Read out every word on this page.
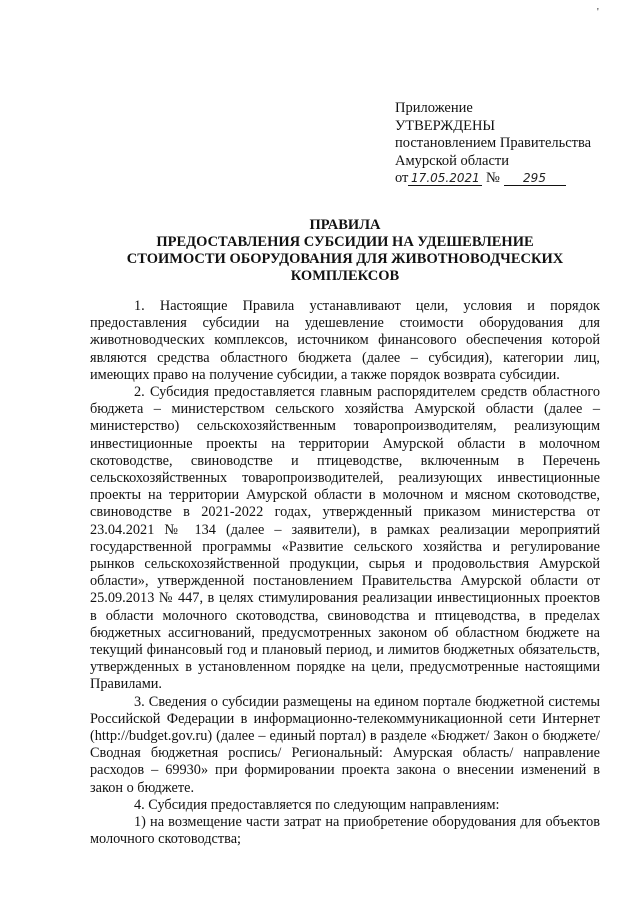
'
Приложение
УТВЕРЖДЕНЫ
постановлением Правительства
Амурской области
от 17.05.2021 № 295
ПРАВИЛА
ПРЕДОСТАВЛЕНИЯ СУБСИДИИ НА УДЕШЕВЛЕНИЕ
СТОИМОСТИ ОБОРУДОВАНИЯ ДЛЯ ЖИВОТНОВОДЧЕСКИХ
КОМПЛЕКСОВ

1. Настоящие Правила устанавливают цели, условия и порядок предоставления субсидии на удешевление стоимости оборудования для животноводческих комплексов, источником финансового обеспечения которой являются средства областного бюджета (далее – субсидия), категории лиц, имеющих право на получение субсидии, а также порядок возврата субсидии.

2. Субсидия предоставляется главным распорядителем средств областного бюджета – министерством сельского хозяйства Амурской области (далее – министерство) сельскохозяйственным товаропроизводителям, реализующим инвестиционные проекты на территории Амурской области в молочном скотоводстве, свиноводстве и птицеводстве, включенным в Перечень сельскохозяйственных товаропроизводителей, реализующих инвестиционные проекты на территории Амурской области в молочном и мясном скотоводстве, свиноводстве в 2021-2022 годах, утвержденный приказом министерства от 23.04.2021 № 134 (далее – заявители), в рамках реализации мероприятий государственной программы «Развитие сельского хозяйства и регулирование рынков сельскохозяйственной продукции, сырья и продовольствия Амурской области», утвержденной постановлением Правительства Амурской области от 25.09.2013 № 447, в целях стимулирования реализации инвестиционных проектов в области молочного скотоводства, свиноводства и птицеводства, в пределах бюджетных ассигнований, предусмотренных законом об областном бюджете на текущий финансовый год и плановый период, и лимитов бюджетных обязательств, утвержденных в установленном порядке на цели, предусмотренные настоящими Правилами.

3. Сведения о субсидии размещены на едином портале бюджетной системы Российской Федерации в информационно-телекоммуникационной сети Интернет (http://budget.gov.ru) (далее – единый портал) в разделе «Бюджет/ Закон о бюджете/ Сводная бюджетная роспись/ Региональный: Амурская область/ направление расходов – 69930» при формировании проекта закона о внесении изменений в закон о бюджете.

4. Субсидия предоставляется по следующим направлениям:

1) на возмещение части затрат на приобретение оборудования для объектов молочного скотоводства;
